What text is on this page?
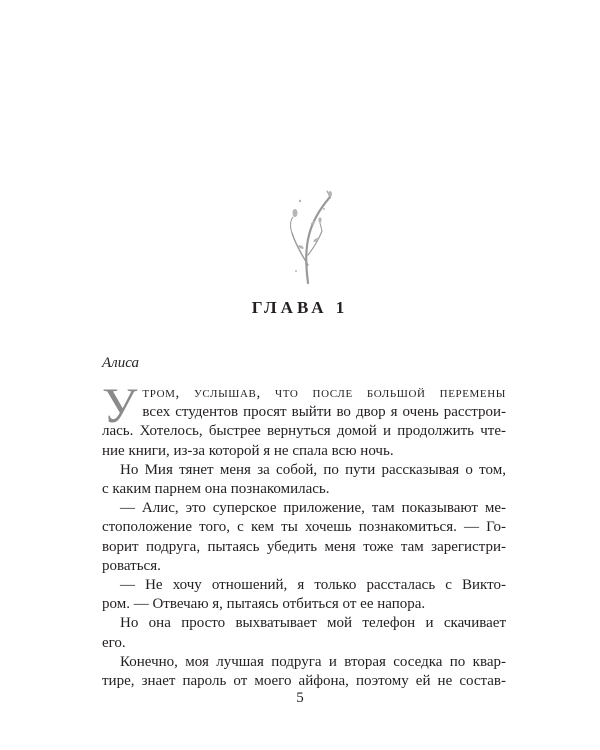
ГЛАВА 1
Алиса
У тром, услышав, что после большой перемены
всех студентов просят выйти во двор я очень расстрои-
лась. Хотелось, быстрее вернуться домой и продолжить чте-
ние книги, из-за которой я не спала всю ночь.
Но Мия тянет меня за собой, по пути рассказывая о том,
с каким парнем она познакомилась.
— Алис, это суперское приложение, там показывают ме-
стоположение того, с кем ты хочешь познакомиться. — Го-
ворит подруга, пытаясь убедить меня тоже там зарегистри-
роваться.
— Не хочу отношений, я только рассталась с Викто-
ром. — Отвечаю я, пытаясь отбиться от ее напора.
Но она просто выхватывает мой телефон и скачивает
его.
Конечно, моя лучшая подруга и вторая соседка по квар-
тире, знает пароль от моего айфона, поэтому ей не состав-
5
